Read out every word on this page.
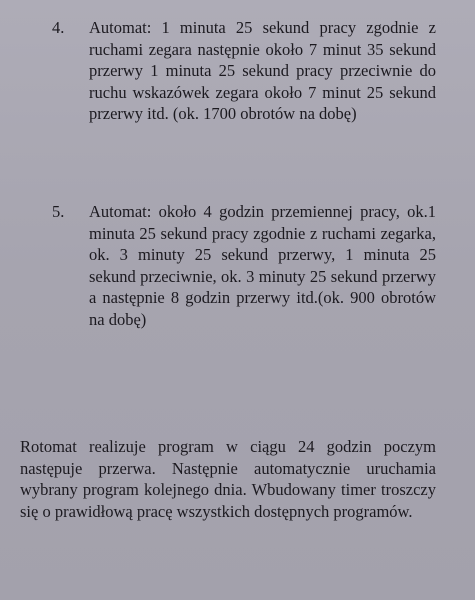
4.	Automat: 1 minuta 25 sekund pracy zgodnie z ruchami zegara następnie około 7 minut 35 sekund przerwy 1 minuta 25 sekund pracy przeciwnie do ruchu wskazówek zegara około 7 minut 25 sekund przerwy itd. (ok. 1700 obrotów na dobę)
5.	Automat: około 4 godzin przemiennej pracy, ok.1 minuta 25 sekund pracy zgodnie z ruchami zegarka, ok. 3 minuty 25 sekund przerwy, 1 minuta 25 sekund przeciwnie, ok. 3 minuty 25 sekund przerwy a następnie 8 godzin przerwy itd.(ok. 900 obrotów na dobę)
Rotomat realizuje program w ciągu 24 godzin poczym następuje przerwa. Następnie automatycznie uruchamia wybrany program kolejnego dnia. Wbudowany timer troszczy się o prawidłową pracę wszystkich dostępnych programów.
